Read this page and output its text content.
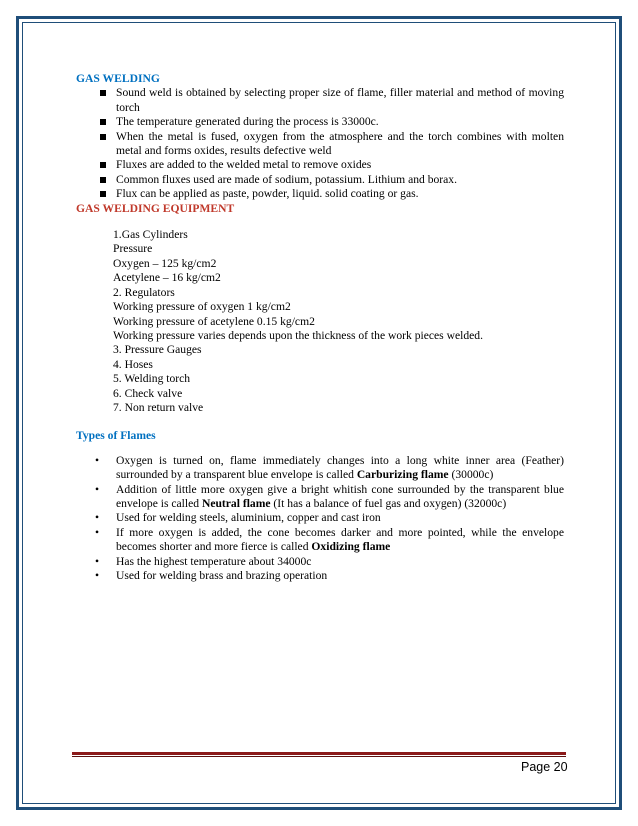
GAS WELDING
Sound weld is obtained by selecting proper size of flame, filler material and method of moving torch
The temperature generated during the process is 33000c.
When the metal is fused, oxygen from the atmosphere and the torch combines with molten metal and forms oxides, results defective weld
Fluxes are added to the welded metal to remove oxides
Common fluxes used are made of sodium, potassium. Lithium and borax.
Flux can be applied as paste, powder, liquid. solid coating or gas.
GAS WELDING EQUIPMENT
1.Gas Cylinders
Pressure
Oxygen – 125 kg/cm2
Acetylene – 16 kg/cm2
2. Regulators
Working pressure of oxygen 1 kg/cm2
Working pressure of acetylene 0.15 kg/cm2
Working pressure varies depends upon the thickness of the work pieces welded.
3. Pressure Gauges
4. Hoses
5. Welding torch
6. Check valve
7. Non return valve
Types of Flames
• Oxygen is turned on, flame immediately changes into a long white inner area (Feather) surrounded by a transparent blue envelope is called Carburizing flame (30000c)
• Addition of little more oxygen give a bright whitish cone surrounded by the transparent blue envelope is called Neutral flame (It has a balance of fuel gas and oxygen) (32000c)
• Used for welding steels, aluminium, copper and cast iron
• If more oxygen is added, the cone becomes darker and more pointed, while the envelope becomes shorter and more fierce is called Oxidizing flame
• Has the highest temperature about 34000c
• Used for welding brass and brazing operation
Page 20
